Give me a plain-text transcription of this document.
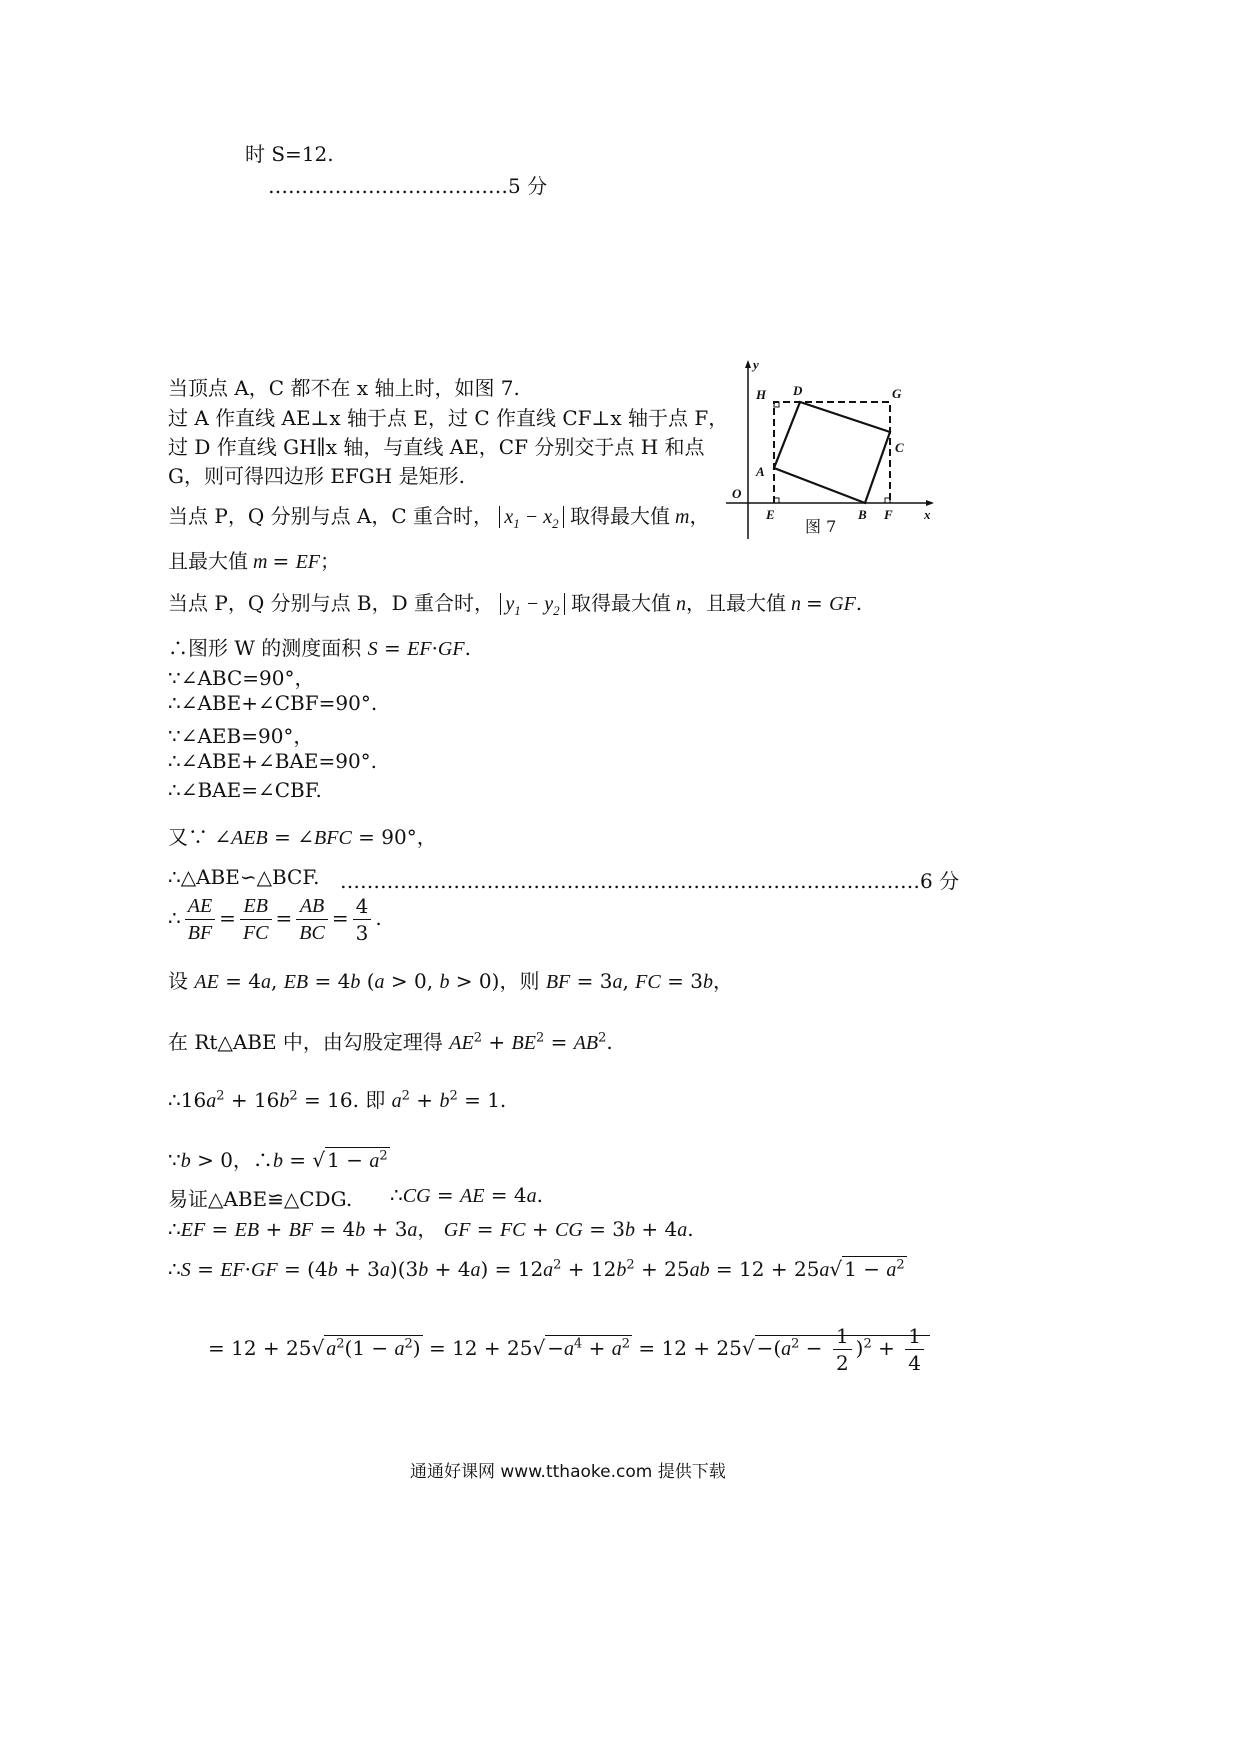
时 S=12.
………………………………5 分
当顶点 A，C 都不在 x 轴上时，如图 7.
过 A 作直线 AE⊥x 轴于点 E，过 C 作直线 CF⊥x 轴于点 F，
过 D 作直线 GH∥x 轴，与直线 AE，CF 分别交于点 H 和点
G，则可得四边形 EFGH 是矩形.
y
H D	G
C
A
O
E	B F x
图 7
当点 P，Q 分别与点 A，C 重合时， $x_1 - x_2$ 取得最大值 m，
且最大值 m = EF；
当点 P，Q 分别与点 B，D 重合时， $y_1 - y_2$ 取得最大值 n，且最大值 n = GF.
∴图形 W 的测度面积 S = EF·GF.
∵∠ABC=90°，
∴∠ABE+∠CBF=90°.
∵∠AEB=90°，
∴∠ABE+∠BAE=90°.
∴∠BAE=∠CBF.
又∵ ∠AEB = ∠BFC = 90°，
∴△ABE∽△BCF. ……………………………………………………………………………6 分
∴ $\frac{AE}{BF} = \frac{EB}{FC} = \frac{AB}{BC} = \frac{4}{3}$ .
设 AE = 4a, EB = 4b (a > 0, b > 0)，则 BF = 3a, FC = 3b，
在 Rt△ABE 中，由勾股定理得 $AE^2 + BE^2 = AB^2$.
$\therefore 16a^2 + 16b^2 = 16$. 即 $a^2 + b^2 = 1$.
∵b > 0，∴b = √ $1 - a^2$
易证△ABE≌△CDG. ∴CG = AE = 4a.
∴EF = EB + BF = 4b + 3a， GF = FC + CG = 3b + 4a.
∴S = $EF\cdot GF = (4b + 3a)(3b + 4a) = 12a^2 + 12b^2 + 25ab = 12 + 25a√$ $1 - a^2$
= 12 + 25√ $a^2(1 - a^2) = 12 + 25√ -a^4 + a^2 = 12 + 25√ -(a^2 - \frac{1}{2} )^2 + \frac{1}{4}$
通通好课网 www.tthaoke.com 提供下载
